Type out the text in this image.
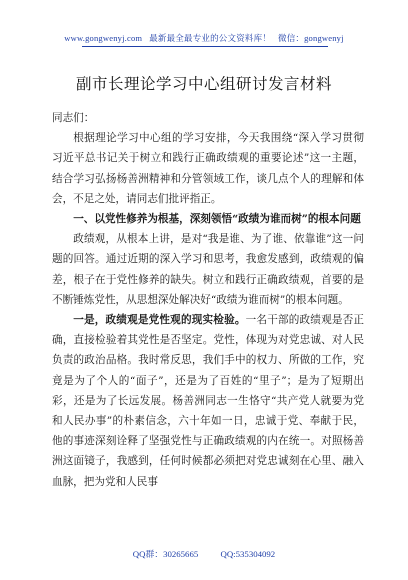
www.gongwenyj.com 最新最全最专业的公文资料库！ 微信：gongwenyj
副市长理论学习中心组研讨发言材料

同志们：

根据理论学习中心组的学习安排，今天我围绕“深入学习贯彻习近平总书记关于树立和践行正确政绩观的重要论述”这一主题，结合学习弘扬杨善洲精神和分管领域工作，谈几点个人的理解和体会，不足之处，请同志们批评指正。

一、以党性修养为根基，深刻领悟“政绩为谁而树”的根本问题

政绩观，从根本上讲，是对“我是谁、为了谁、依靠谁”这一问题的回答。通过近期的深入学习和思考，我愈发感到，政绩观的偏差，根子在于党性修养的缺失。树立和践行正确政绩观，首要的是不断锤炼党性，从思想深处解决好“政绩为谁而树”的根本问题。

一是，政绩观是党性观的现实检验。一名干部的政绩观是否正确，直接检验着其党性是否坚定。党性，体现为对党忠诚、对人民负责的政治品格。我时常反思，我们手中的权力、所做的工作，究竟是为了个人的“面子”，还是为了百姓的“里子”；是为了短期出彩，还是为了长远发展。杨善洲同志一生恪守“共产党人就要为党和人民办事”的朴素信念，六十年如一日，忠诚于党、奉献于民，他的事迹深刻诠释了坚强党性与正确政绩观的内在统一。对照杨善洲这面镜子，我感到，任何时候都必须把对党忠诚刻在心里、融入血脉，把为党和人民事

QQ群：30265665	QQ:535304092
